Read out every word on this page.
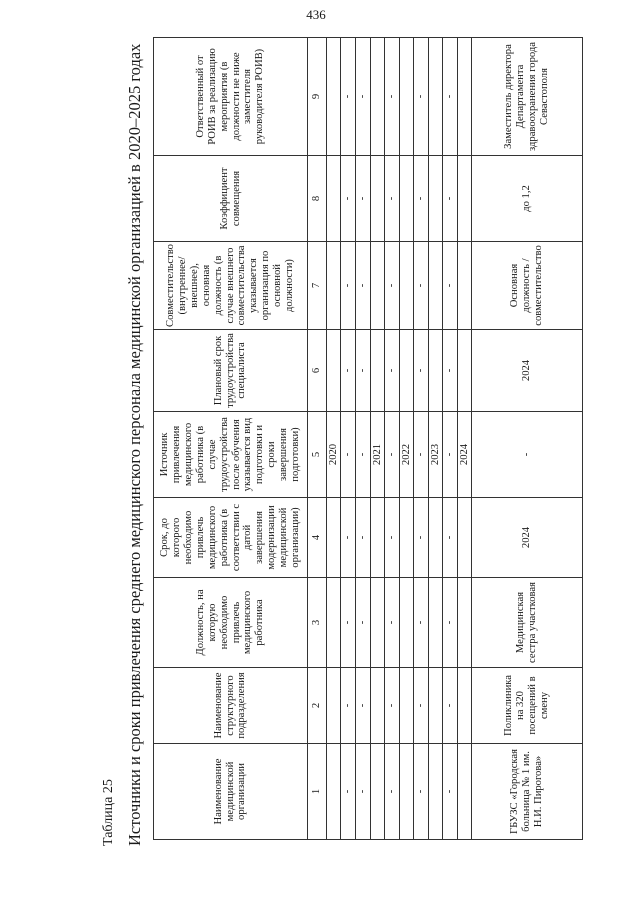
436
Таблица 25 Источники и сроки привлечения среднего медицинского персонала медицинской организацией в 2020–2025 годах	Наименование медицинской организации	Наименование структурного подразделения	Должность, на которую необходимо привлечь медицинского работника	Срок, до которого необходимо привлечь медицинского работника (в соответствии с датой завершения модернизации медицинской организации)	Источник привлечения медицинского работника (в случае трудоустройства после обучения указывается вид подготовки и сроки завершения подготовки)	Плановый срок трудоустройства специалиста	Совместительство (внутреннее/внешнее), основная должность (в случае внешнего совместительства указывается организация по основной должности)	Коэффициент совмещения	Ответственный от РОИВ за реализацию мероприятия (в должности не ниже заместителя руководителя РОИВ)
1	2	3	4	5	6	7	8	9
				2020				
-	-	-	-	-	-	-	-	-
-	-	-	-	-	-	-	-	-
				2021				
-	-	-	-	-	-	-	-	-
				2022				
-	-	-	-	-	-	-	-	-
				2023				
-	-	-	-	-	-	-	-	-
				2024				
ГБУЗС «Городская больница № 1 им. Н.И. Пирогова»	Поликлиника на 320 посещений в смену	Медицинская сестра участковая	2024	-	2024	Основная должность / совместительство	до 1,2	Заместитель директора Департамента здравоохранения города Севастополя
